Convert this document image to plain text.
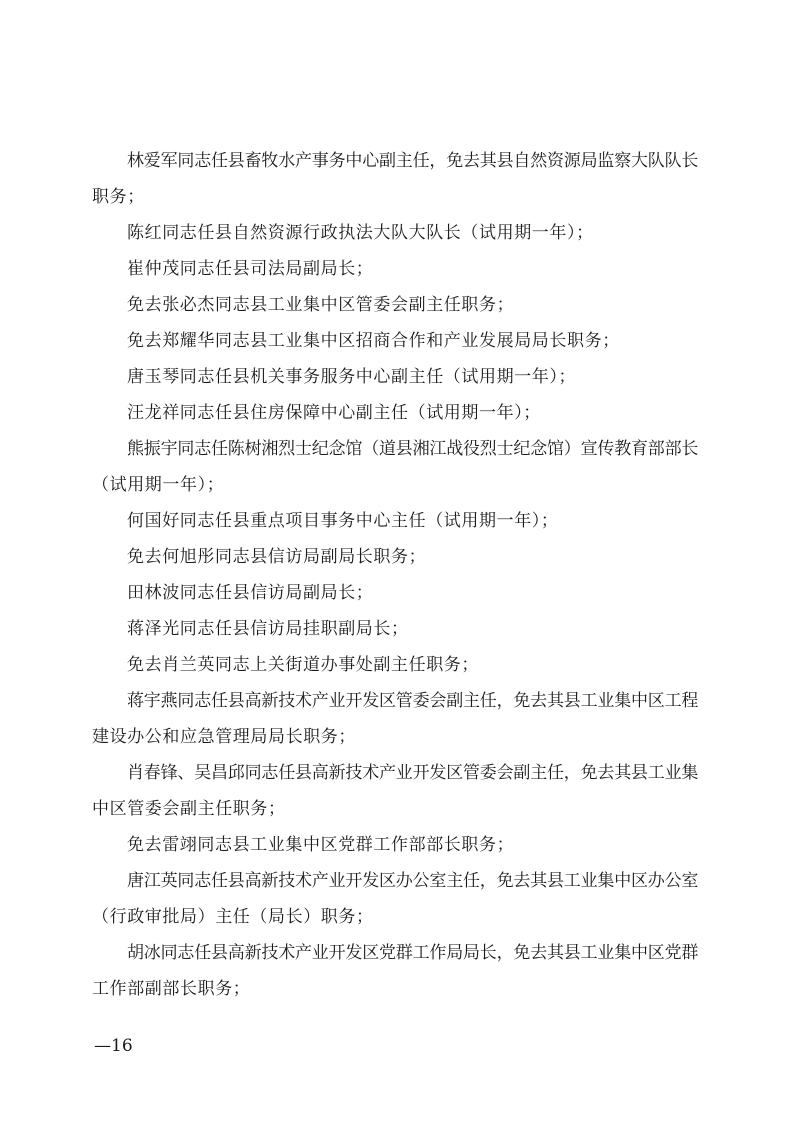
林爱军同志任县畜牧水产事务中心副主任，免去其县自然资源局监察大队队长
职务；
陈红同志任县自然资源行政执法大队大队长（试用期一年）；
崔仲茂同志任县司法局副局长；
免去张必杰同志县工业集中区管委会副主任职务；
免去郑耀华同志县工业集中区招商合作和产业发展局局长职务；
唐玉琴同志任县机关事务服务中心副主任（试用期一年）；
汪龙祥同志任县住房保障中心副主任（试用期一年）；
熊振宇同志任陈树湘烈士纪念馆（道县湘江战役烈士纪念馆）宣传教育部部长
（试用期一年）；
何国好同志任县重点项目事务中心主任（试用期一年）；
免去何旭彤同志县信访局副局长职务；
田林波同志任县信访局副局长；
蒋泽光同志任县信访局挂职副局长；
免去肖兰英同志上关街道办事处副主任职务；
蒋宇燕同志任县高新技术产业开发区管委会副主任，免去其县工业集中区工程
建设办公和应急管理局局长职务；
肖春锋、吴昌邱同志任县高新技术产业开发区管委会副主任，免去其县工业集
中区管委会副主任职务；
免去雷翊同志县工业集中区党群工作部部长职务；
唐江英同志任县高新技术产业开发区办公室主任，免去其县工业集中区办公室
（行政审批局）主任（局长）职务；
胡冰同志任县高新技术产业开发区党群工作局局长，免去其县工业集中区党群
工作部副部长职务；
—16
